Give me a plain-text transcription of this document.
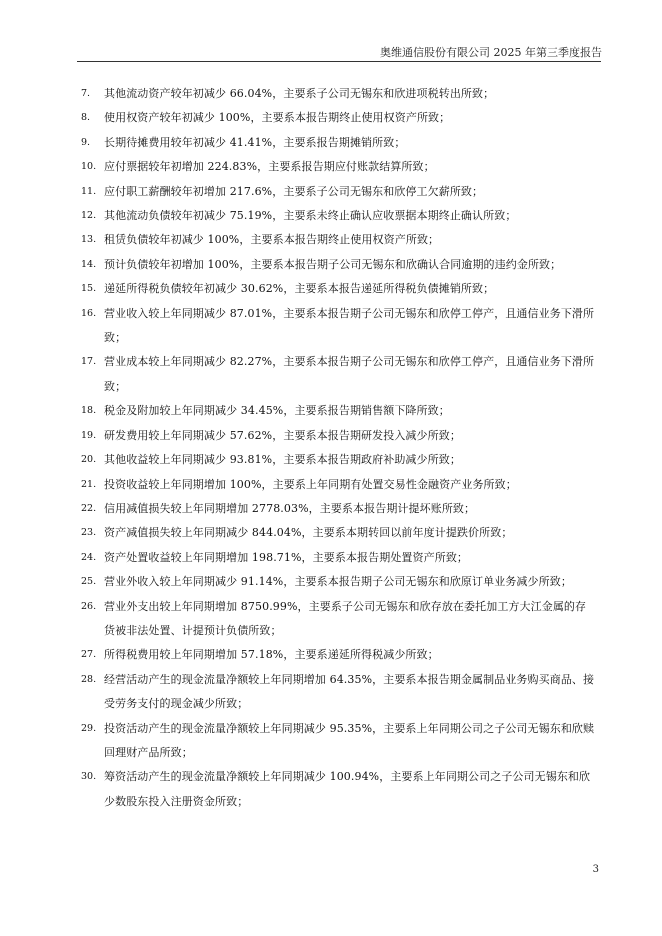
奥维通信股份有限公司 2025 年第三季度报告
7.	其他流动资产较年初减少 66.04%，主要系子公司无锡东和欣进项税转出所致；
8.	使用权资产较年初减少 100%，主要系本报告期终止使用权资产所致；
9.	长期待摊费用较年初减少 41.41%，主要系报告期摊销所致；
10. 应付票据较年初增加 224.83%，主要系报告期应付账款结算所致；
11. 应付职工薪酬较年初增加 217.6%，主要系子公司无锡东和欣停工欠薪所致；
12. 其他流动负债较年初减少 75.19%，主要系未终止确认应收票据本期终止确认所致；
13. 租赁负债较年初减少 100%，主要系本报告期终止使用权资产所致；
14. 预计负债较年初增加 100%，主要系本报告期子公司无锡东和欣确认合同逾期的违约金所致；
15. 递延所得税负债较年初减少 30.62%，主要系本报告递延所得税负债摊销所致；
16. 营业收入较上年同期减少 87.01%，主要系本报告期子公司无锡东和欣停工停产，且通信业务下滑所致；
17. 营业成本较上年同期减少 82.27%，主要系本报告期子公司无锡东和欣停工停产，且通信业务下滑所致；
18. 税金及附加较上年同期减少 34.45%，主要系报告期销售额下降所致；
19. 研发费用较上年同期减少 57.62%，主要系本报告期研发投入减少所致；
20. 其他收益较上年同期减少 93.81%，主要系本报告期政府补助减少所致；
21. 投资收益较上年同期增加 100%，主要系上年同期有处置交易性金融资产业务所致；
22. 信用减值损失较上年同期增加 2778.03%，主要系本报告期计提坏账所致；
23. 资产减值损失较上年同期减少 844.04%，主要系本期转回以前年度计提跌价所致；
24. 资产处置收益较上年同期增加 198.71%，主要系本报告期处置资产所致；
25. 营业外收入较上年同期减少 91.14%，主要系本报告期子公司无锡东和欣原订单业务减少所致；
26. 营业外支出较上年同期增加 8750.99%，主要系子公司无锡东和欣存放在委托加工方大江金属的存货被非法处置、计提预计负债所致；
27. 所得税费用较上年同期增加 57.18%，主要系递延所得税减少所致；
28. 经营活动产生的现金流量净额较上年同期增加 64.35%，主要系本报告期金属制品业务购买商品、接受劳务支付的现金减少所致；
29. 投资活动产生的现金流量净额较上年同期减少 95.35%，主要系上年同期公司之子公司无锡东和欣赎回理财产品所致；
30. 筹资活动产生的现金流量净额较上年同期减少 100.94%，主要系上年同期公司之子公司无锡东和欣少数股东投入注册资金所致；
3
